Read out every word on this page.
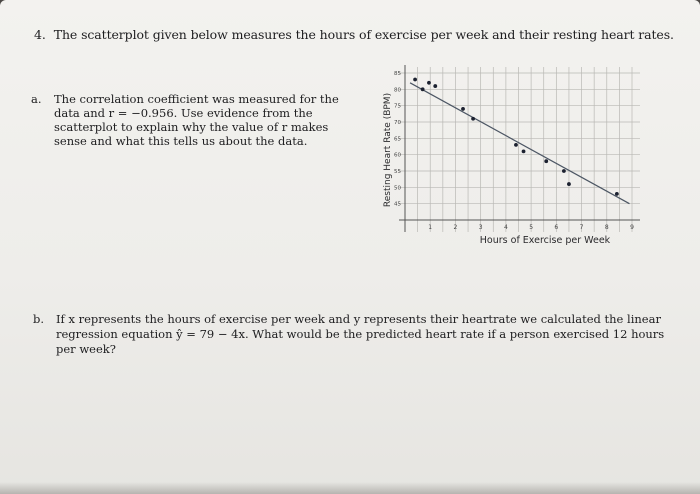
4. The scatterplot given below measures the hours of exercise per week and their resting heart rates.
a. The correlation coefficient was measured for the
data and r = −0.956. Use evidence from the
scatterplot to explain why the value of r makes
sense and what this tells us about the data.
1	2	3	4	5	6	7	8	9
45
50
55
60
65
70
75
80
85
Hours of Exercise per Week
Resting Heart Rate (BPM)
b. If x represents the hours of exercise per week and y represents their heartrate we calculated the linear
regression equation ŷ = 79 − 4x. What would be the predicted heart rate if a person exercised 12 hours
per week?
